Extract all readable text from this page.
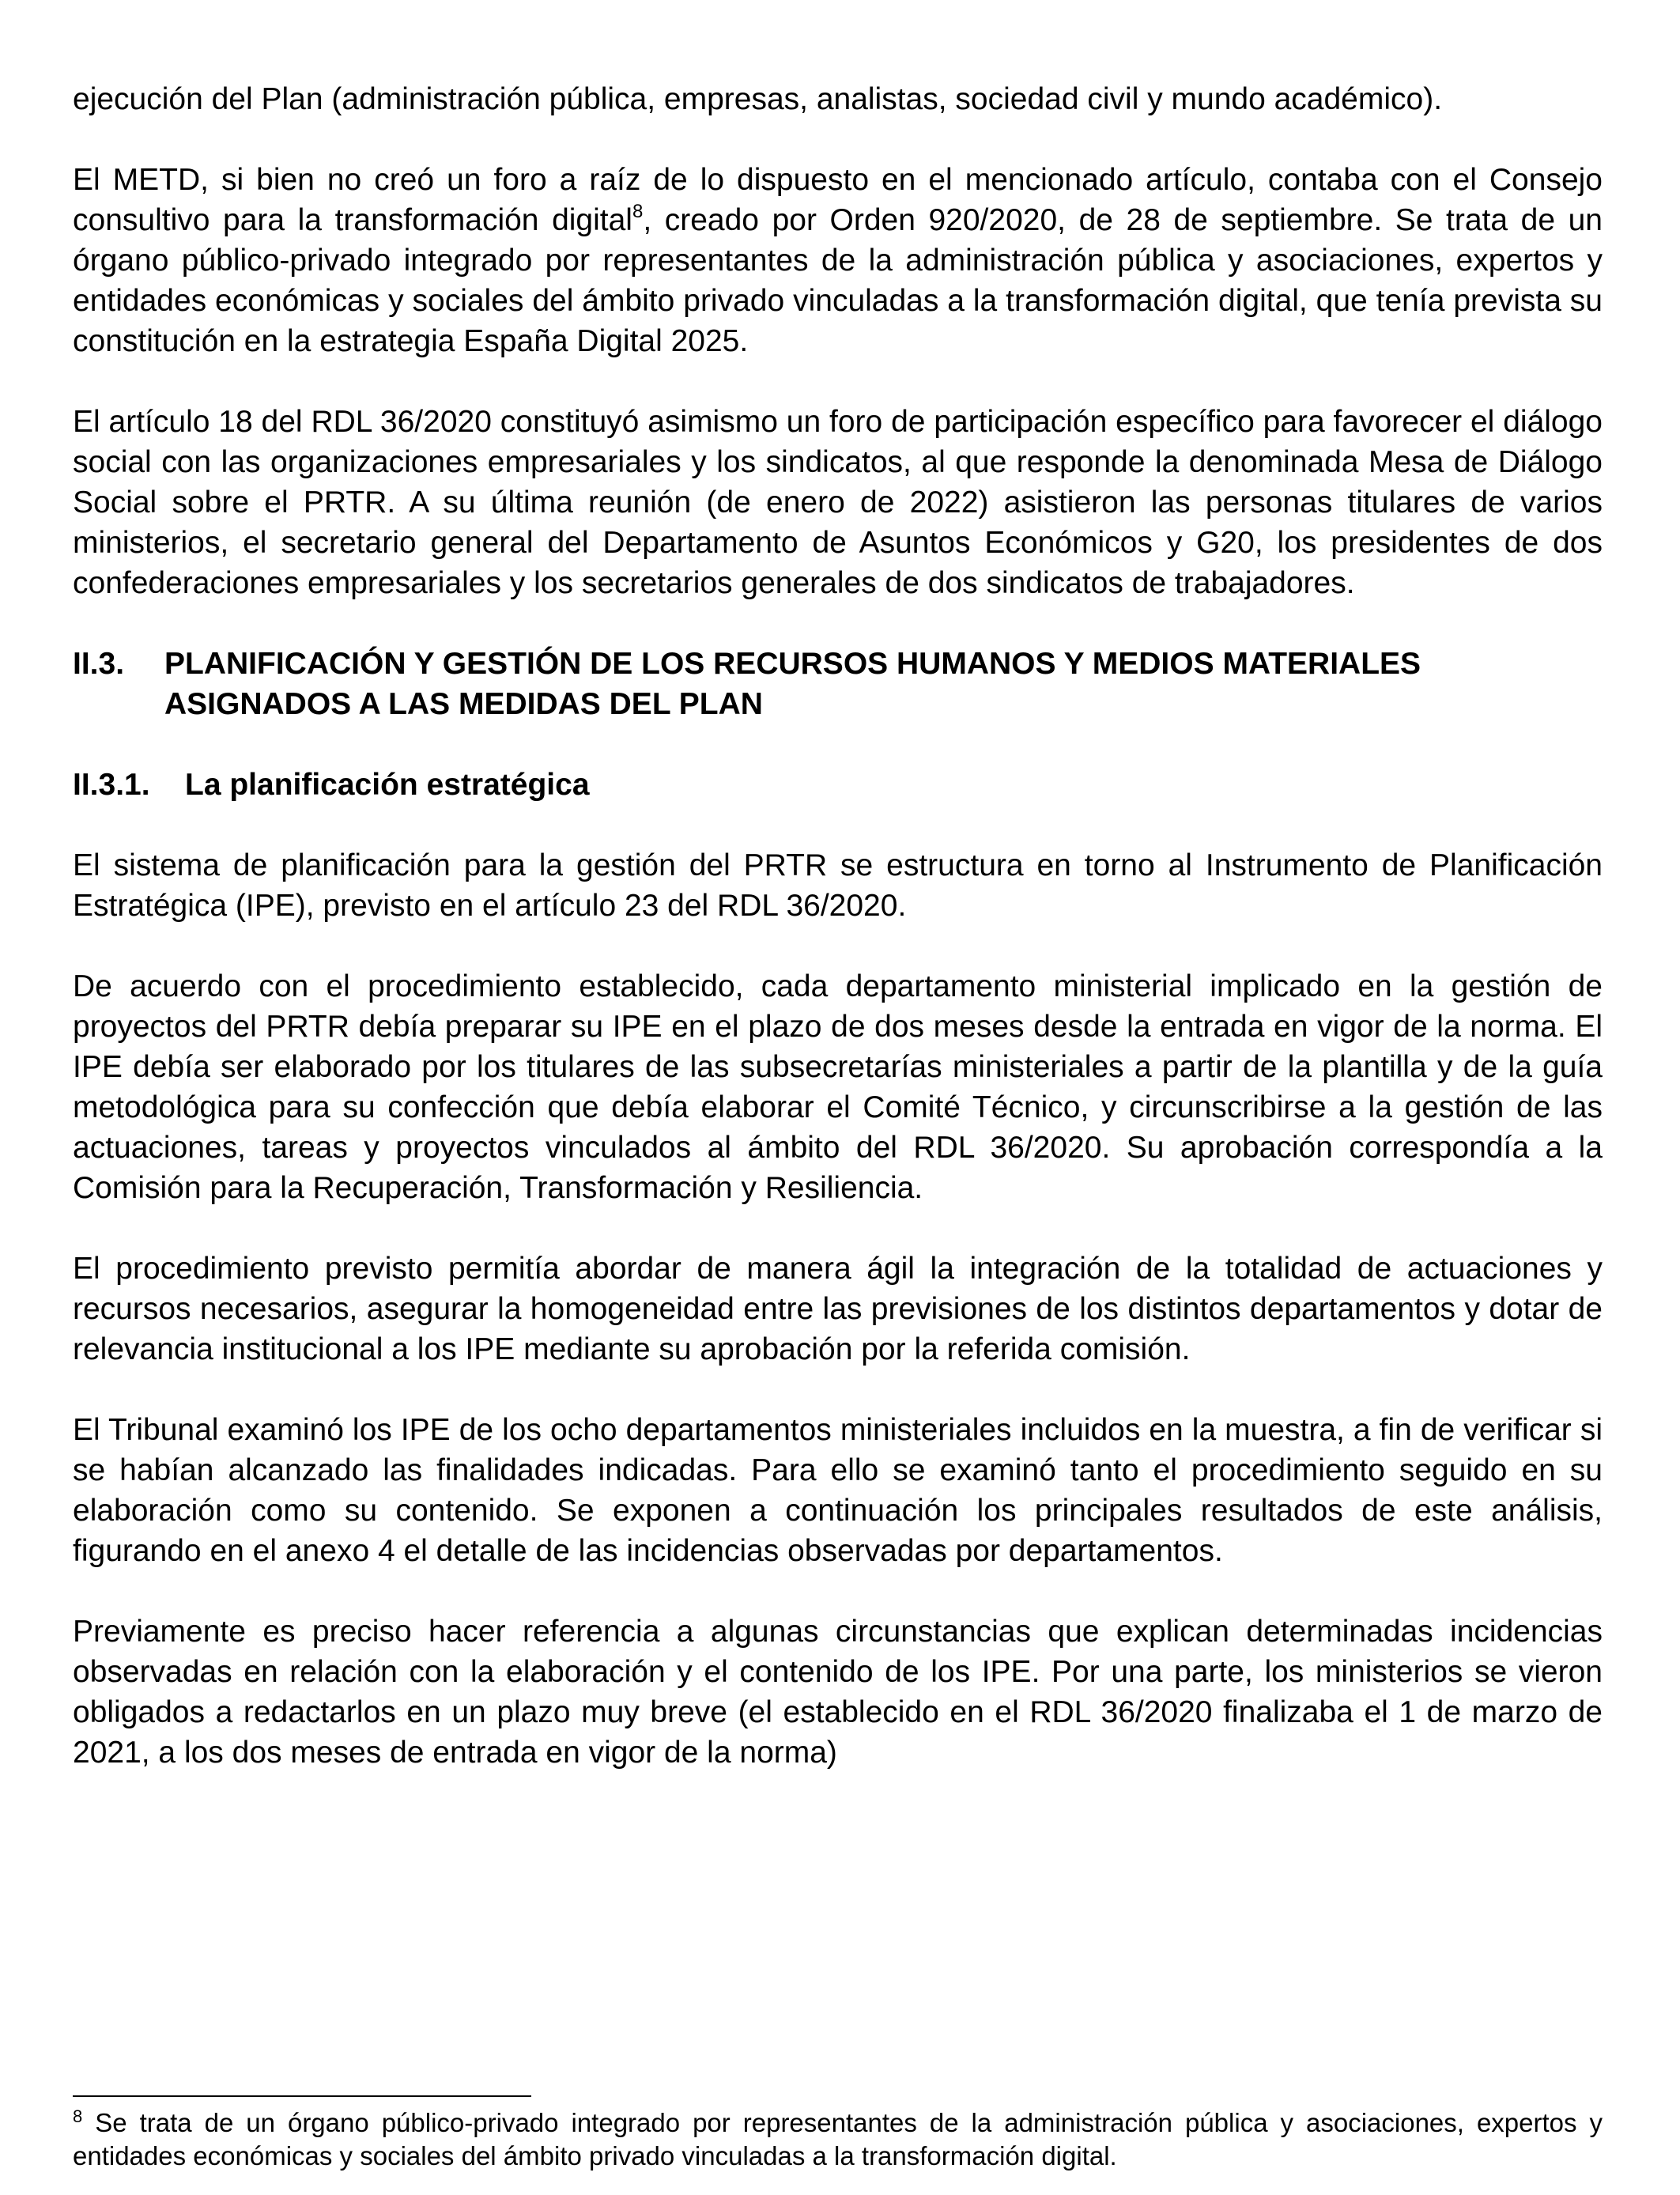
ejecución del Plan (administración pública, empresas, analistas, sociedad civil y mundo académico).

El METD, si bien no creó un foro a raíz de lo dispuesto en el mencionado artículo, contaba con el Consejo consultivo para la transformación digital$^8$, creado por Orden 920/2020, de 28 de septiembre. Se trata de un órgano público-privado integrado por representantes de la administración pública y asociaciones, expertos y entidades económicas y sociales del ámbito privado vinculadas a la transformación digital, que tenía prevista su constitución en la estrategia España Digital 2025.

El artículo 18 del RDL 36/2020 constituyó asimismo un foro de participación específico para favorecer el diálogo social con las organizaciones empresariales y los sindicatos, al que responde la denominada Mesa de Diálogo Social sobre el PRTR. A su última reunión (de enero de 2022) asistieron las personas titulares de varios ministerios, el secretario general del Departamento de Asuntos Económicos y G20, los presidentes de dos confederaciones empresariales y los secretarios generales de dos sindicatos de trabajadores.

II.3.	PLANIFICACIÓN Y GESTIÓN DE LOS RECURSOS HUMANOS Y MEDIOS MATERIALES ASIGNADOS A LAS MEDIDAS DEL PLAN
II.3.1.	La planificación estratégica

El sistema de planificación para la gestión del PRTR se estructura en torno al Instrumento de Planificación Estratégica (IPE), previsto en el artículo 23 del RDL 36/2020.

De acuerdo con el procedimiento establecido, cada departamento ministerial implicado en la gestión de proyectos del PRTR debía preparar su IPE en el plazo de dos meses desde la entrada en vigor de la norma. El IPE debía ser elaborado por los titulares de las subsecretarías ministeriales a partir de la plantilla y de la guía metodológica para su confección que debía elaborar el Comité Técnico, y circunscribirse a la gestión de las actuaciones, tareas y proyectos vinculados al ámbito del RDL 36/2020. Su aprobación correspondía a la Comisión para la Recuperación, Transformación y Resiliencia.

El procedimiento previsto permitía abordar de manera ágil la integración de la totalidad de actuaciones y recursos necesarios, asegurar la homogeneidad entre las previsiones de los distintos departamentos y dotar de relevancia institucional a los IPE mediante su aprobación por la referida comisión.

El Tribunal examinó los IPE de los ocho departamentos ministeriales incluidos en la muestra, a fin de verificar si se habían alcanzado las finalidades indicadas. Para ello se examinó tanto el procedimiento seguido en su elaboración como su contenido. Se exponen a continuación los principales resultados de este análisis, figurando en el anexo 4 el detalle de las incidencias observadas por departamentos.

Previamente es preciso hacer referencia a algunas circunstancias que explican determinadas incidencias observadas en relación con la elaboración y el contenido de los IPE. Por una parte, los ministerios se vieron obligados a redactarlos en un plazo muy breve (el establecido en el RDL 36/2020 finalizaba el 1 de marzo de 2021, a los dos meses de entrada en vigor de la norma)

$^8$ Se trata de un órgano público-privado integrado por representantes de la administración pública y asociaciones, expertos y entidades económicas y sociales del ámbito privado vinculadas a la transformación digital.
